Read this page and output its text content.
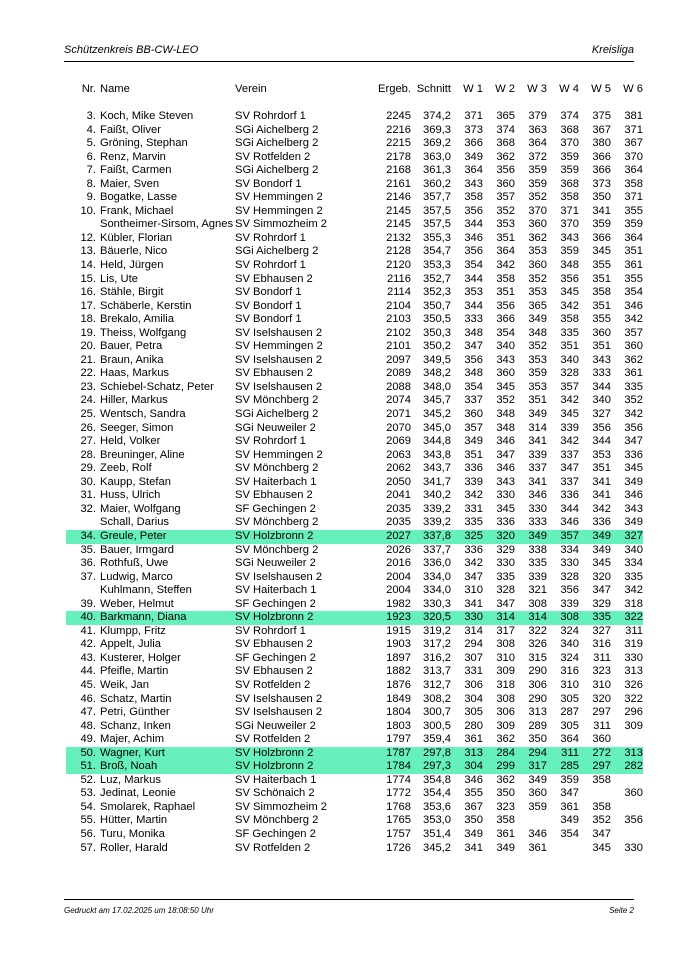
Schützenkreis BB-CW-LEO	Kreisliga
Nr.	Name	Verein	Ergeb.	Schnitt	W 1	W 2	W 3	W 4	W 5	W 6

3.	Koch, Mike Steven	SV Rohrdorf 1	2245	374,2	371	365	379	374	375	381
4.	Faißt, Oliver	SGi Aichelberg 2	2216	369,3	373	374	363	368	367	371
5.	Gröning, Stephan	SGi Aichelberg 2	2215	369,2	366	368	364	370	380	367
6.	Renz, Marvin	SV Rotfelden 2	2178	363,0	349	362	372	359	366	370
7.	Faißt, Carmen	SGi Aichelberg 2	2168	361,3	364	356	359	359	366	364
8.	Maier, Sven	SV Bondorf 1	2161	360,2	343	360	359	368	373	358
9.	Bogatke, Lasse	SV Hemmingen 2	2146	357,7	358	357	352	358	350	371
10.	Frank, Michael	SV Hemmingen 2	2145	357,5	356	352	370	371	341	355
	Sontheimer-Sirsom, Agnes	SV Simmozheim 2	2145	357,5	344	353	360	370	359	359
12.	Kübler, Florian	SV Rohrdorf 1	2132	355,3	346	351	362	343	366	364
13.	Bäuerle, Nico	SGi Aichelberg 2	2128	354,7	356	364	353	359	345	351
14.	Held, Jürgen	SV Rohrdorf 1	2120	353,3	354	342	360	348	355	361
15.	Lis, Ute	SV Ebhausen 2	2116	352,7	344	358	352	356	351	355
16.	Stähle, Birgit	SV Bondorf 1	2114	352,3	353	351	353	345	358	354
17.	Schäberle, Kerstin	SV Bondorf 1	2104	350,7	344	356	365	342	351	346
18.	Brekalo, Amilia	SV Bondorf 1	2103	350,5	333	366	349	358	355	342
19.	Theiss, Wolfgang	SV Iselshausen 2	2102	350,3	348	354	348	335	360	357
20.	Bauer, Petra	SV Hemmingen 2	2101	350,2	347	340	352	351	351	360
21.	Braun, Anika	SV Iselshausen 2	2097	349,5	356	343	353	340	343	362
22.	Haas, Markus	SV Ebhausen 2	2089	348,2	348	360	359	328	333	361
23.	Schiebel-Schatz, Peter	SV Iselshausen 2	2088	348,0	354	345	353	357	344	335
24.	Hiller, Markus	SV Mönchberg 2	2074	345,7	337	352	351	342	340	352
25.	Wentsch, Sandra	SGi Aichelberg 2	2071	345,2	360	348	349	345	327	342
26.	Seeger, Simon	SGi Neuweiler 2	2070	345,0	357	348	314	339	356	356
27.	Held, Volker	SV Rohrdorf 1	2069	344,8	349	346	341	342	344	347
28.	Breuninger, Aline	SV Hemmingen 2	2063	343,8	351	347	339	337	353	336
29.	Zeeb, Rolf	SV Mönchberg 2	2062	343,7	336	346	337	347	351	345
30.	Kaupp, Stefan	SV Haiterbach 1	2050	341,7	339	343	341	337	341	349
31.	Huss, Ulrich	SV Ebhausen 2	2041	340,2	342	330	346	336	341	346
32.	Maier, Wolfgang	SF Gechingen 2	2035	339,2	331	345	330	344	342	343
	Schall, Darius	SV Mönchberg 2	2035	339,2	335	336	333	346	336	349
34.	Greule, Peter	SV Holzbronn 2	2027	337,8	325	320	349	357	349	327
35.	Bauer, Irmgard	SV Mönchberg 2	2026	337,7	336	329	338	334	349	340
36.	Rothfuß, Uwe	SGi Neuweiler 2	2016	336,0	342	330	335	330	345	334
37.	Ludwig, Marco	SV Iselshausen 2	2004	334,0	347	335	339	328	320	335
	Kuhlmann, Steffen	SV Haiterbach 1	2004	334,0	310	328	321	356	347	342
39.	Weber, Helmut	SF Gechingen 2	1982	330,3	341	347	308	339	329	318
40.	Barkmann, Diana	SV Holzbronn 2	1923	320,5	330	314	314	308	335	322
41.	Klumpp, Fritz	SV Rohrdorf 1	1915	319,2	314	317	322	324	327	311
42.	Appelt, Julia	SV Ebhausen 2	1903	317,2	294	308	326	340	316	319
43.	Kusterer, Holger	SF Gechingen 2	1897	316,2	307	310	315	324	311	330
44.	Pfeifle, Martin	SV Ebhausen 2	1882	313,7	331	309	290	316	323	313
45.	Weik, Jan	SV Rotfelden 2	1876	312,7	306	318	306	310	310	326
46.	Schatz, Martin	SV Iselshausen 2	1849	308,2	304	308	290	305	320	322
47.	Petri, Günther	SV Iselshausen 2	1804	300,7	305	306	313	287	297	296
48.	Schanz, Inken	SGi Neuweiler 2	1803	300,5	280	309	289	305	311	309
49.	Majer, Achim	SV Rotfelden 2	1797	359,4	361	362	350	364	360	
50.	Wagner, Kurt	SV Holzbronn 2	1787	297,8	313	284	294	311	272	313
51.	Broß, Noah	SV Holzbronn 2	1784	297,3	304	299	317	285	297	282
52.	Luz, Markus	SV Haiterbach 1	1774	354,8	346	362	349	359	358	
53.	Jedinat, Leonie	SV Schönaich 2	1772	354,4	355	350	360	347		360
54.	Smolarek, Raphael	SV Simmozheim 2	1768	353,6	367	323	359	361	358	
55.	Hütter, Martin	SV Mönchberg 2	1765	353,0	350	358		349	352	356
56.	Turu, Monika	SF Gechingen 2	1757	351,4	349	361	346	354	347	
57.	Roller, Harald	SV Rotfelden 2	1726	345,2	341	349	361		345	330
Gedruckt am 17.02.2025 um 18:08:50 Uhr	Seite 2
